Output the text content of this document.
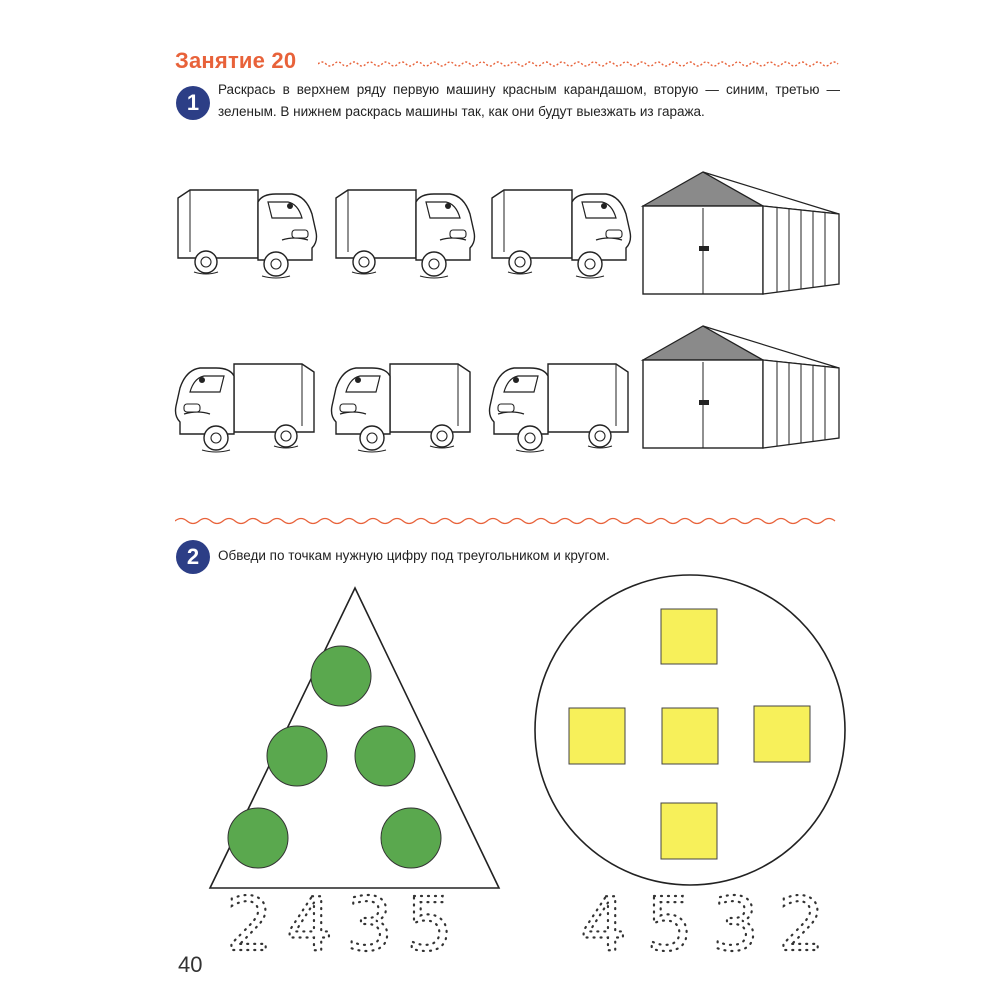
Занятие 20
1
Раскрась в верхнем ряду первую машину красным карандашом, вторую — синим, третью — зеленым. В нижнем раскрась машины так, как они будут выезжать из гаража.
2	Обведи по точкам нужную цифру под треугольником и кругом.
2 4 3 5 4 5 3 2
40
